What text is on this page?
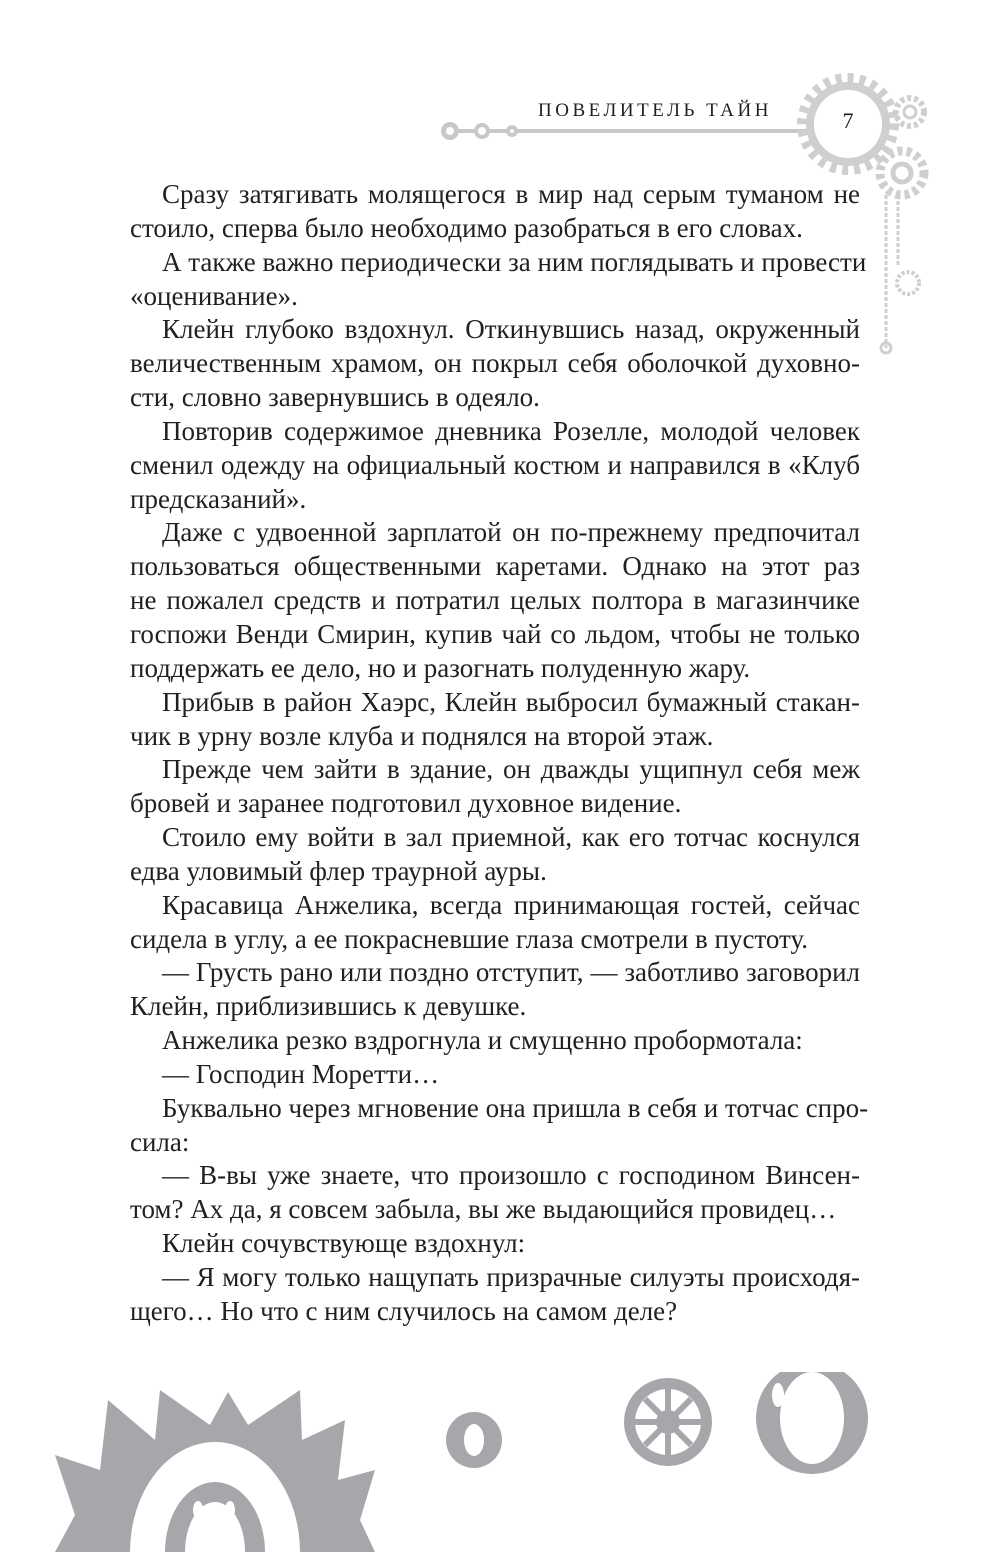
ПОВЕЛИТЕЛЬ ТАЙН	7
Сразу затягивать молящегося в мир над серым туманом не
стоило, сперва было необходимо разобраться в его словах.
А также важно периодически за ним поглядывать и провести
«оценивание».
Клейн глубоко вздохнул. Откинувшись назад, окруженный
величественным храмом, он покрыл себя оболочкой духовно-
сти, словно завернувшись в одеяло.
Повторив содержимое дневника Розелле, молодой человек
сменил одежду на официальный костюм и направился в «Клуб
предсказаний».
Даже с удвоенной зарплатой он по-прежнему предпочитал
пользоваться общественными каретами. Однако на этот раз
не пожалел средств и потратил целых полтора в магазинчике
госпожи Венди Смирин, купив чай со льдом, чтобы не только
поддержать ее дело, но и разогнать полуденную жару.
Прибыв в район Хаэрс, Клейн выбросил бумажный стакан-
чик в урну возле клуба и поднялся на второй этаж.
Прежде чем зайти в здание, он дважды ущипнул себя меж
бровей и заранее подготовил духовное видение.
Стоило ему войти в зал приемной, как его тотчас коснулся
едва уловимый флер траурной ауры.
Красавица Анжелика, всегда принимающая гостей, сейчас
сидела в углу, а ее покрасневшие глаза смотрели в пустоту.
— Грусть рано или поздно отступит, — заботливо заговорил
Клейн, приблизившись к девушке.
Анжелика резко вздрогнула и смущенно пробормотала:
— Господин Моретти…
Буквально через мгновение она пришла в себя и тотчас спро-
сила:
— В-вы уже знаете, что произошло с господином Винсен-
том? Ах да, я совсем забыла, вы же выдающийся провидец…
Клейн сочувствующе вздохнул:
— Я могу только нащупать призрачные силуэты происходя-
щего… Но что с ним случилось на самом деле?
